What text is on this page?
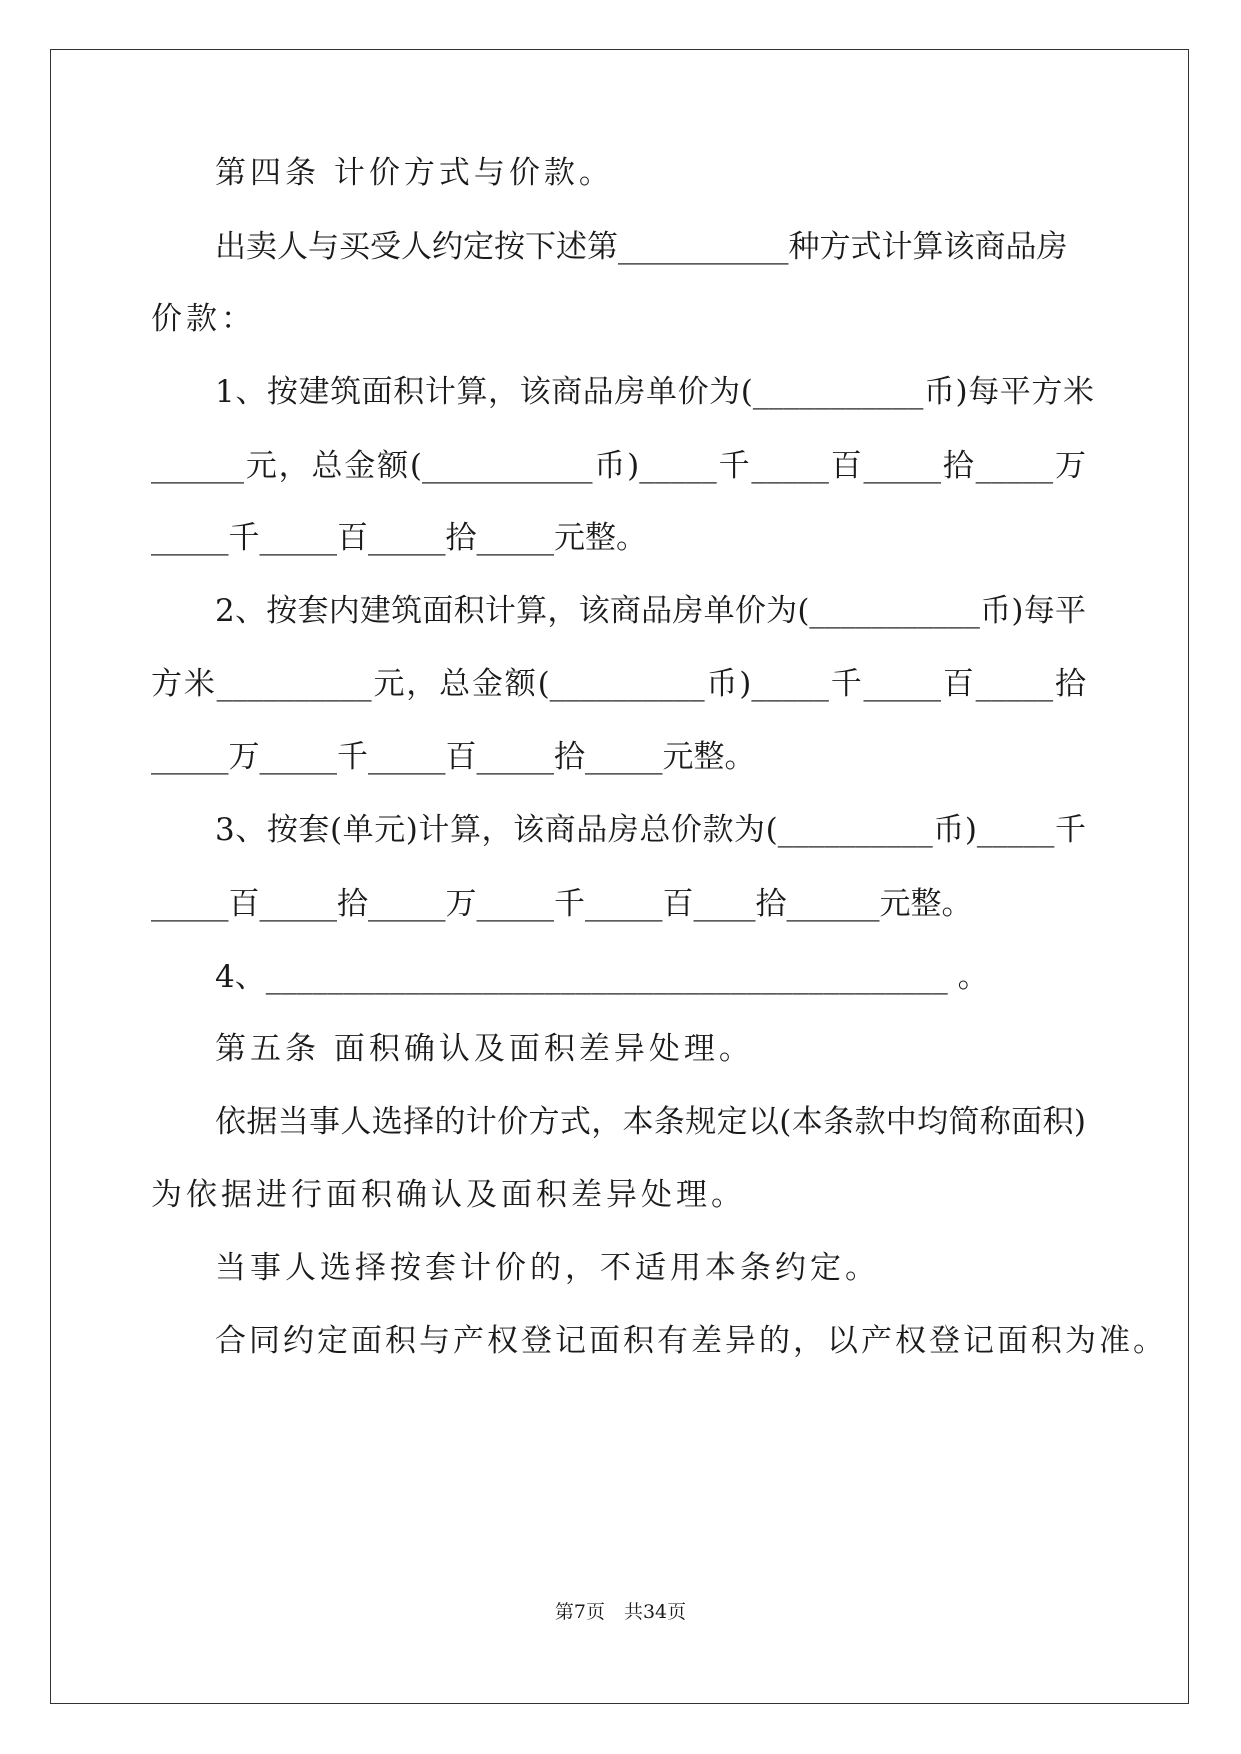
第四条 计价方式与价款。
出卖人与买受人约定按下述第___________种方式计算该商品房
价款：
1、按建筑面积计算，该商品房单价为(___________币)每平方米
______元，总金额(___________币)_____千_____百_____拾_____万
_____千_____百_____拾_____元整。
2、按套内建筑面积计算，该商品房单价为(___________币)每平
方米__________元，总金额(__________币)_____千_____百_____拾
_____万_____千_____百_____拾_____元整。
3、按套(单元)计算，该商品房总价款为(__________币)_____千
_____百_____拾_____万_____千_____百____拾______元整。
4、____________________________________________ 。
第五条 面积确认及面积差异处理。
依据当事人选择的计价方式，本条规定以(本条款中均简称面积)
为依据进行面积确认及面积差异处理。
当事人选择按套计价的，不适用本条约定。
合同约定面积与产权登记面积有差异的，以产权登记面积为准。
第7页　共34页
